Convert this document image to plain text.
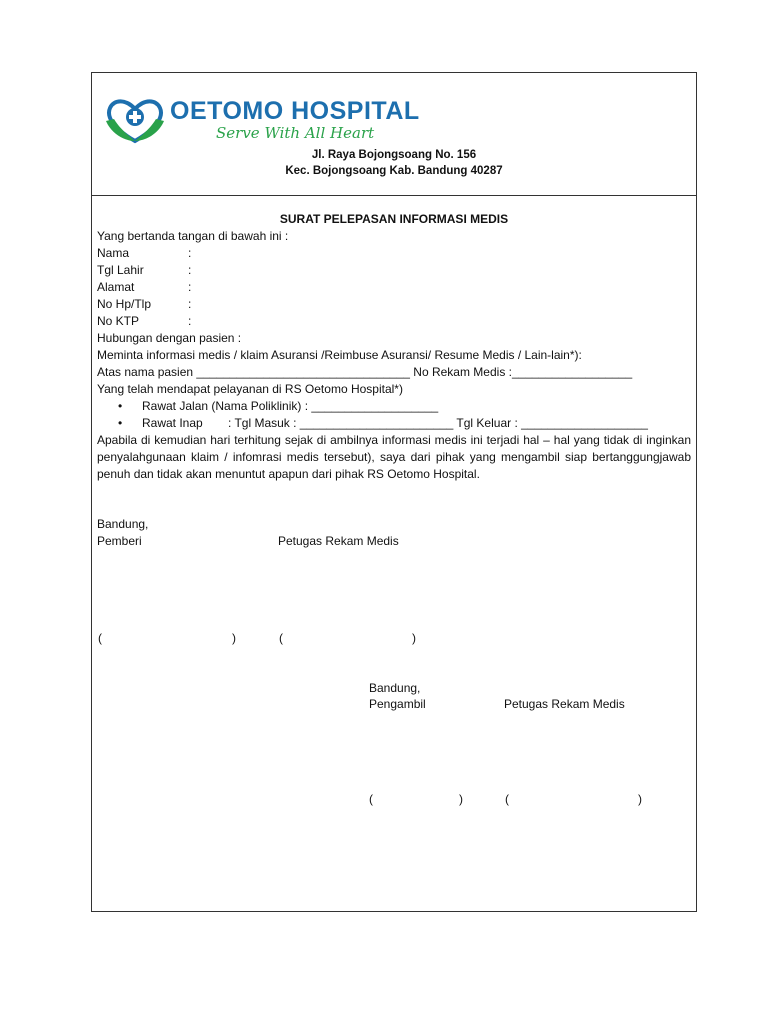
OETOMO HOSPITAL
Serve With All Heart
Jl. Raya Bojongsoang No. 156
Kec. Bojongsoang Kab. Bandung 40287
SURAT PELEPASAN INFORMASI MEDIS
Yang bertanda tangan di bawah ini :
Nama	:
Tgl Lahir	:
Alamat	:
No Hp/Tlp	:
No KTP	:
Hubungan dengan pasien :
Meminta informasi medis / klaim Asuransi /Reimbuse Asuransi/ Resume Medis / Lain-lain*):
Atas nama pasien ________________________________ No Rekam Medis :__________________
Yang telah mendapat pelayanan di RS Oetomo Hospital*)
• Rawat Jalan (Nama Poliklinik) : ___________________
• Rawat Inap : Tgl Masuk : _______________________ Tgl Keluar : ___________________
Apabila di kemudian hari terhitung sejak di ambilnya informasi medis ini terjadi hal – hal yang tidak di inginkan penyalahgunaan klaim / infomrasi medis tersebut), saya dari pihak yang mengambil siap bertanggungjawab penuh dan tidak akan menuntut apapun dari pihak RS Oetomo Hospital.
Bandung,
Pemberi	Petugas Rekam Medis
(	)	(	)
Bandung,
Pengambil	Petugas Rekam Medis
(	)	(	)
